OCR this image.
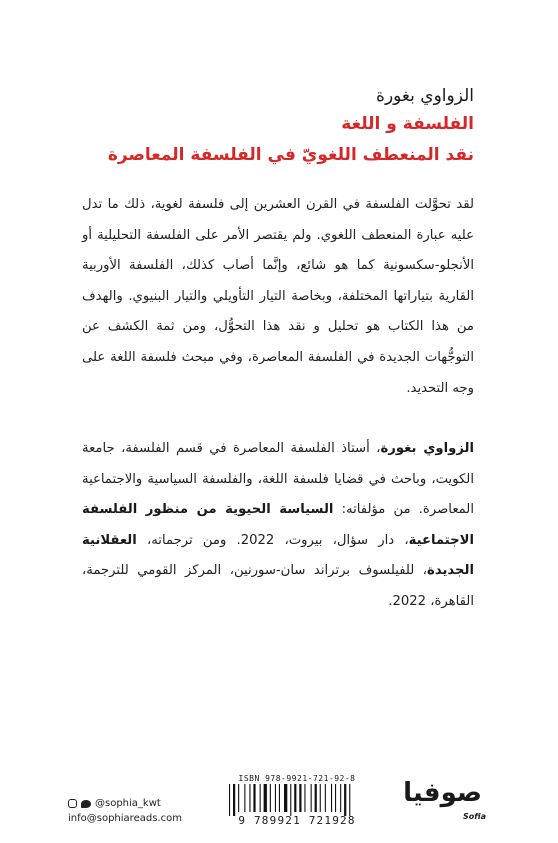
الزواوي بغورة
الفلسفة و اللغة
نقد المنعطف اللغويّ في الفلسفة المعاصرة
لقد تحوَّلت الفلسفة في القرن العشرين إلى فلسفة لغوية، ذلك ما تدل عليه عبارة المنعطف اللغوي. ولم يقتصر الأمر على الفلسفة التحليلية أو الأنجلو-سكسونية كما هو شائع، وإنَّما أصاب كذلك، الفلسفة الأوربية القارية بتياراتها المختلفة، وبخاصة التيار التأويلي والتيار البنيوي. والهدف من هذا الكتاب هو تحليل و نقد هذا التحوُّل، ومن ثمة الكشف عن التوجُّهات الجديدة في الفلسفة المعاصرة، وفي مبحث فلسفة اللغة على وجه التحديد.
الزواوي بغورة، أستاذ الفلسفة المعاصرة في قسم الفلسفة، جامعة الكويت، وباحث في قضايا فلسفة اللغة، والفلسفة السياسية والاجتماعية المعاصرة. من مؤلفاته: السياسة الحيوية من منظور الفلسفة الاجتماعية، دار سؤال، بيروت، 2022. ومن ترجماته، العقلانية الجديدة، للفيلسوف برتراند سان-سورنين، المركز القومي للترجمة، القاهرة، 2022.
@sophia_kwt
info@sophiareads.com
ISBN 978-9921-721-92-8
9 789921 721928
صوفيا
Sofia
